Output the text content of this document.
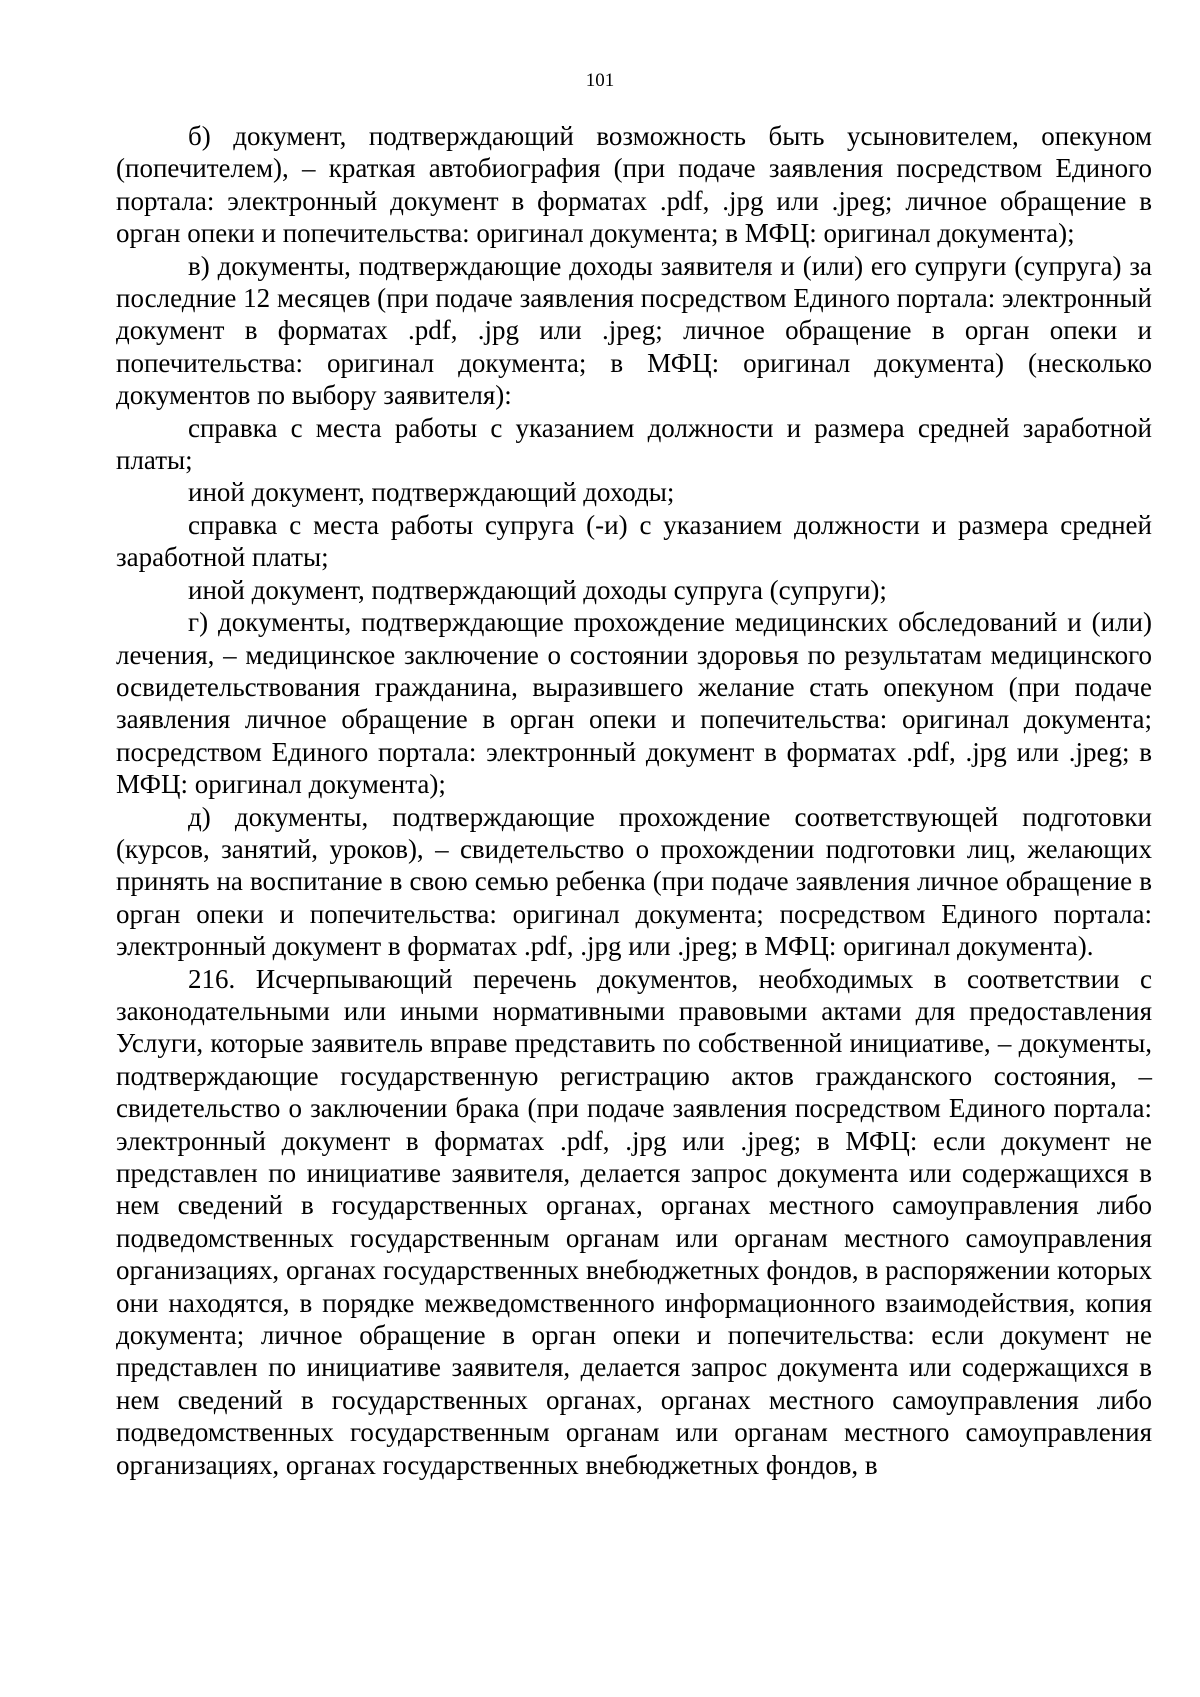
101

б) документ, подтверждающий возможность быть усыновителем, опекуном (попечителем), – краткая автобиография (при подаче заявления посредством Единого портала: электронный документ в форматах .pdf, .jpg или .jpeg; личное обращение в орган опеки и попечительства: оригинал документа; в МФЦ: оригинал документа);

в) документы, подтверждающие доходы заявителя и (или) его супруги (супруга) за последние 12 месяцев (при подаче заявления посредством Единого портала: электронный документ в форматах .pdf, .jpg или .jpeg; личное обращение в орган опеки и попечительства: оригинал документа; в МФЦ: оригинал документа) (несколько документов по выбору заявителя):

справка с места работы с указанием должности и размера средней заработной платы;

иной документ, подтверждающий доходы;

справка с места работы супруга (-и) с указанием должности и размера средней заработной платы;

иной документ, подтверждающий доходы супруга (супруги);

г) документы, подтверждающие прохождение медицинских обследований и (или) лечения, – медицинское заключение о состоянии здоровья по результатам медицинского освидетельствования гражданина, выразившего желание стать опекуном (при подаче заявления личное обращение в орган опеки и попечительства: оригинал документа; посредством Единого портала: электронный документ в форматах .pdf, .jpg или .jpeg; в МФЦ: оригинал документа);

д) документы, подтверждающие прохождение соответствующей подготовки (курсов, занятий, уроков), – свидетельство о прохождении подготовки лиц, желающих принять на воспитание в свою семью ребенка (при подаче заявления личное обращение в орган опеки и попечительства: оригинал документа; посредством Единого портала: электронный документ в форматах .pdf, .jpg или .jpeg; в МФЦ: оригинал документа).

216. Исчерпывающий перечень документов, необходимых в соответствии с законодательными или иными нормативными правовыми актами для предоставления Услуги, которые заявитель вправе представить по собственной инициативе, – документы, подтверждающие государственную регистрацию актов гражданского состояния, – свидетельство о заключении брака (при подаче заявления посредством Единого портала: электронный документ в форматах .pdf, .jpg или .jpeg; в МФЦ: если документ не представлен по инициативе заявителя, делается запрос документа или содержащихся в нем сведений в государственных органах, органах местного самоуправления либо подведомственных государственным органам или органам местного самоуправления организациях, органах государственных внебюджетных фондов, в распоряжении которых они находятся, в порядке межведомственного информационного взаимодействия, копия документа; личное обращение в орган опеки и попечительства: если документ не представлен по инициативе заявителя, делается запрос документа или содержащихся в нем сведений в государственных органах, органах местного самоуправления либо подведомственных государственным органам или органам местного самоуправления организациях, органах государственных внебюджетных фондов, в
